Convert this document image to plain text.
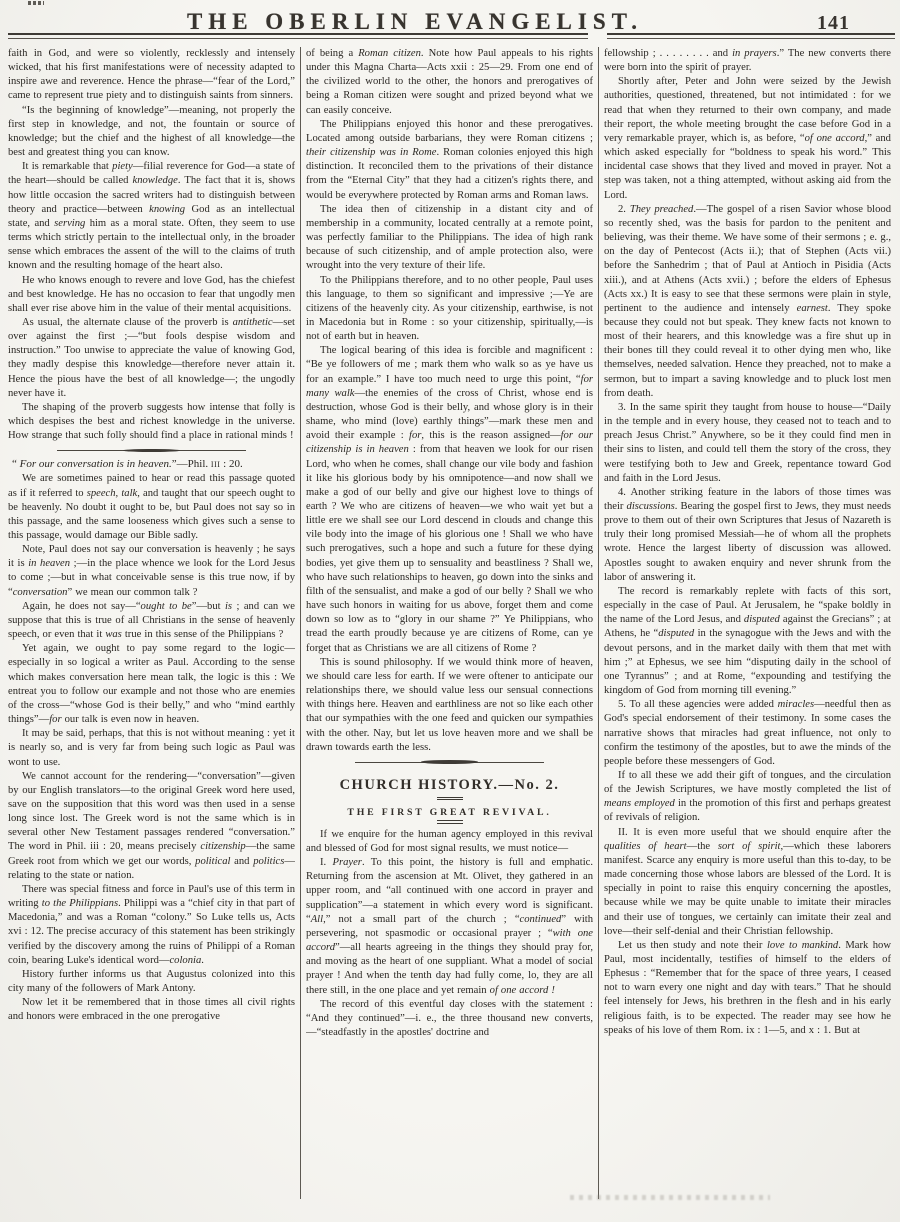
THE OBERLIN EVANGELIST.	141

faith in God, and were so violently, recklessly and intensely wicked, that his first manifestations were of necessity adapted to inspire awe and reverence. Hence the phrase—“fear of the Lord,” came to represent true piety and to distinguish saints from sinners.

“Is the beginning of knowledge”—meaning, not properly the first step in knowledge, and not, the fountain or source of knowledge; but the chief and the highest of all knowledge—the best and greatest thing you can know.

It is remarkable that piety—filial reverence for God—a state of the heart—should be called knowledge. The fact that it is, shows how little occasion the sacred writers had to distinguish between theory and practice—between knowing God as an intellectual state, and serving him as a moral state. Often, they seem to use terms which strictly pertain to the intellectual only, in the broader sense which embraces the assent of the will to the claims of truth known and the resulting homage of the heart also.

He who knows enough to revere and love God, has the chiefest and best knowledge. He has no occasion to fear that ungodly men shall ever rise above him in the value of their mental acquisitions.

As usual, the alternate clause of the proverb is antithetic—set over against the first ;—“but fools despise wisdom and instruction.” Too unwise to appreciate the value of knowing God, they madly despise this knowledge—therefore never attain it. Hence the pious have the best of all knowledge—; the ungodly never have it.

The shaping of the proverb suggests how intense that folly is which despises the best and richest knowledge in the universe. How strange that such folly should find a place in rational minds !

“ For our conversation is in heaven.”—Phil. iii : 20.

We are sometimes pained to hear or read this passage quoted as if it referred to speech, talk, and taught that our speech ought to be heavenly. No doubt it ought to be, but Paul does not say so in this passage, and the same looseness which gives such a sense to this passage, would damage our Bible sadly.

Note, Paul does not say our conversation is heavenly ; he says it is in heaven ;—in the place whence we look for the Lord Jesus to come ;—but in what conceivable sense is this true now, if by “conversation” we mean our common talk ?

Again, he does not say—“ought to be”—but is ; and can we suppose that this is true of all Christians in the sense of heavenly speech, or even that it was true in this sense of the Philippians ?

Yet again, we ought to pay some regard to the logic—especially in so logical a writer as Paul. According to the sense which makes conversation here mean talk, the logic is this : We entreat you to follow our example and not those who are enemies of the cross—“whose God is their belly,” and who “mind earthly things”—for our talk is even now in heaven.

It may be said, perhaps, that this is not without meaning : yet it is nearly so, and is very far from being such logic as Paul was wont to use.

We cannot account for the rendering—“conversation”—given by our English translators—to the original Greek word here used, save on the supposition that this word was then used in a sense long since lost. The Greek word is not the same which is in several other New Testament passages rendered “conversation.” The word in Phil. iii : 20, means precisely citizenship—the same Greek root from which we get our words, political and politics—relating to the state or nation.

There was special fitness and force in Paul's use of this term in writing to the Philippians. Philippi was a “chief city in that part of Macedonia,” and was a Roman “colony.” So Luke tells us, Acts xvi : 12. The precise accuracy of this statement has been strikingly verified by the discovery among the ruins of Philippi of a Roman coin, bearing Luke's identical word—colonia.

History further informs us that Augustus colonized into this city many of the followers of Mark Antony.

Now let it be remembered that in those times all civil rights and honors were embraced in the one prerogative

of being a Roman citizen. Note how Paul appeals to his rights under this Magna Charta—Acts xxii : 25—29. From one end of the civilized world to the other, the honors and prerogatives of being a Roman citizen were sought and prized beyond what we can easily conceive.

The Philippians enjoyed this honor and these prerogatives. Located among outside barbarians, they were Roman citizens ; their citizenship was in Rome. Roman colonies enjoyed this high distinction. It reconciled them to the privations of their distance from the “Eternal City” that they had a citizen's rights there, and would be everywhere protected by Roman arms and Roman laws.

The idea then of citizenship in a distant city and of membership in a community, located centrally at a remote point, was perfectly familiar to the Philippians. The idea of high rank because of such citizenship, and of ample protection also, were wrought into the very texture of their life.

To the Philippians therefore, and to no other people, Paul uses this language, to them so significant and impressive ;—Ye are citizens of the heavenly city. As your citizenship, earthwise, is not in Macedonia but in Rome : so your citizenship, spiritually,—is not of earth but in heaven.

The logical bearing of this idea is forcible and magnificent : “Be ye followers of me ; mark them who walk so as ye have us for an example.” I have too much need to urge this point, “for many walk—the enemies of the cross of Christ, whose end is destruction, whose God is their belly, and whose glory is in their shame, who mind (love) earthly things”—mark these men and avoid their example : for, this is the reason assigned—for our citizenship is in heaven : from that heaven we look for our risen Lord, who when he comes, shall change our vile body and fashion it like his glorious body by his omnipotence—and now shall we make a god of our belly and give our highest love to things of earth ? We who are citizens of heaven—we who wait yet but a little ere we shall see our Lord descend in clouds and change this vile body into the image of his glorious one ! Shall we who have such prerogatives, such a hope and such a future for these dying bodies, yet give them up to sensuality and beastliness ? Shall we, who have such relationships to heaven, go down into the sinks and filth of the sensualist, and make a god of our belly ? Shall we who have such honors in waiting for us above, forget them and come down so low as to “glory in our shame ?” Ye Philippians, who tread the earth proudly because ye are citizens of Rome, can ye forget that as Christians we are all citizens of Rome ?

This is sound philosophy. If we would think more of heaven, we should care less for earth. If we were oftener to anticipate our relationships there, we should value less our sensual connections with things here. Heaven and earthliness are not so like each other that our sympathies with the one feed and quicken our sympathies with the other. Nay, but let us love heaven more and we shall be drawn towards earth the less.

CHURCH HISTORY.—No. 2.
THE FIRST GREAT REVIVAL.

If we enquire for the human agency employed in this revival and blessed of God for most signal results, we must notice—

I. Prayer. To this point, the history is full and emphatic. Returning from the ascension at Mt. Olivet, they gathered in an upper room, and “all continued with one accord in prayer and supplication”—a statement in which every word is significant. “All,” not a small part of the church ; “continued” with persevering, not spasmodic or occasional prayer ; “with one accord”—all hearts agreeing in the things they should pray for, and moving as the heart of one suppliant. What a model of social prayer ! And when the tenth day had fully come, lo, they are all there still, in the one place and yet remain of one accord !

The record of this eventful day closes with the statement : “And they continued”—i. e., the three thousand new converts,—“steadfastly in the apostles' doctrine and

fellowship ; . . . . . . . . and in prayers.” The new converts there were born into the spirit of prayer.

Shortly after, Peter and John were seized by the Jewish authorities, questioned, threatened, but not intimidated : for we read that when they returned to their own company, and made their report, the whole meeting brought the case before God in a very remarkable prayer, which is, as before, “of one accord,” and which asked especially for “boldness to speak his word.” This incidental case shows that they lived and moved in prayer. Not a step was taken, not a thing attempted, without asking aid from the Lord.

2. They preached.—The gospel of a risen Savior whose blood so recently shed, was the basis for pardon to the penitent and believing, was their theme. We have some of their sermons ; e. g., on the day of Pentecost (Acts ii.); that of Stephen (Acts vii.) before the Sanhedrim ; that of Paul at Antioch in Pisidia (Acts xiii.), and at Athens (Acts xvii.) ; before the elders of Ephesus (Acts xx.) It is easy to see that these sermons were plain in style, pertinent to the audience and intensely earnest. They spoke because they could not but speak. They knew facts not known to most of their hearers, and this knowledge was a fire shut up in their bones till they could reveal it to other dying men who, like themselves, needed salvation. Hence they preached, not to make a sermon, but to impart a saving knowledge and to pluck lost men from death.

3. In the same spirit they taught from house to house—“Daily in the temple and in every house, they ceased not to teach and to preach Jesus Christ.” Anywhere, so be it they could find men in their sins to listen, and could tell them the story of the cross, they were testifying both to Jew and Greek, repentance toward God and faith in the Lord Jesus.

4. Another striking feature in the labors of those times was their discussions. Bearing the gospel first to Jews, they must needs prove to them out of their own Scriptures that Jesus of Nazareth is truly their long promised Messiah—he of whom all the prophets wrote. Hence the largest liberty of discussion was allowed. Apostles sought to awaken enquiry and never shrunk from the labor of answering it.

The record is remarkably replete with facts of this sort, especially in the case of Paul. At Jerusalem, he “spake boldly in the name of the Lord Jesus, and disputed against the Grecians” ; at Athens, he “disputed in the synagogue with the Jews and with the devout persons, and in the market daily with them that met with him ;” at Ephesus, we see him “disputing daily in the school of one Tyrannus” ; and at Rome, “expounding and testifying the kingdom of God from morning till evening.”

5. To all these agencies were added miracles—needful then as God's special endorsement of their testimony. In some cases the narrative shows that miracles had great influence, not only to confirm the testimony of the apostles, but to awe the minds of the people before these messengers of God.

If to all these we add their gift of tongues, and the circulation of the Jewish Scriptures, we have mostly completed the list of means employed in the promotion of this first and perhaps greatest of revivals of religion.

II. It is even more useful that we should enquire after the qualities of heart—the sort of spirit,—which these laborers manifest. Scarce any enquiry is more useful than this to-day, to be made concerning those whose labors are blessed of the Lord. It is specially in point to raise this enquiry concerning the apostles, because while we may be quite unable to imitate their miracles and their use of tongues, we certainly can imitate their zeal and love—their self-denial and their Christian fellowship.

Let us then study and note their love to mankind. Mark how Paul, most incidentally, testifies of himself to the elders of Ephesus : “Remember that for the space of three years, I ceased not to warn every one night and day with tears.” That he should feel intensely for Jews, his brethren in the flesh and in his early religious faith, is to be expected. The reader may see how he speaks of his love of them Rom. ix : 1—5, and x : 1. But at
